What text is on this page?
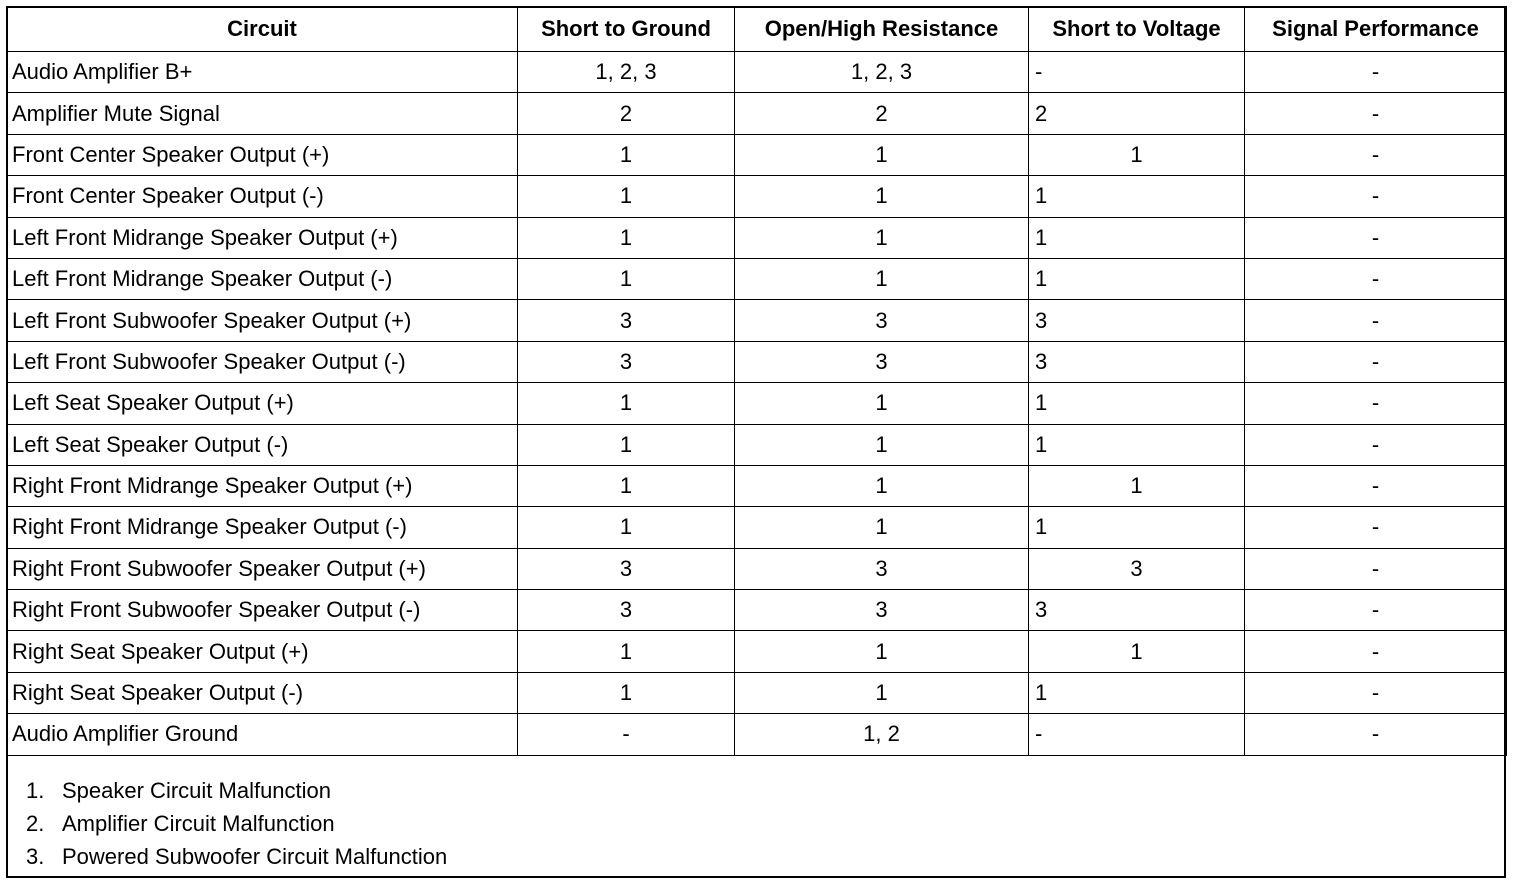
Circuit	Short to Ground	Open/High Resistance	Short to Voltage	Signal Performance
Audio Amplifier B+	1, 2, 3	1, 2, 3	-	-
Amplifier Mute Signal	2	2	2	-
Front Center Speaker Output (+)	1	1	1	-
Front Center Speaker Output (-)	1	1	1	-
Left Front Midrange Speaker Output (+)	1	1	1	-
Left Front Midrange Speaker Output (-)	1	1	1	-
Left Front Subwoofer Speaker Output (+)	3	3	3	-
Left Front Subwoofer Speaker Output (-)	3	3	3	-
Left Seat Speaker Output (+)	1	1	1	-
Left Seat Speaker Output (-)	1	1	1	-
Right Front Midrange Speaker Output (+)	1	1	1	-
Right Front Midrange Speaker Output (-)	1	1	1	-
Right Front Subwoofer Speaker Output (+)	3	3	3	-
Right Front Subwoofer Speaker Output (-)	3	3	3	-
Right Seat Speaker Output (+)	1	1	1	-
Right Seat Speaker Output (-)	1	1	1	-
Audio Amplifier Ground	-	1, 2	-	-
1. Speaker Circuit Malfunction
2. Amplifier Circuit Malfunction
3. Powered Subwoofer Circuit Malfunction
